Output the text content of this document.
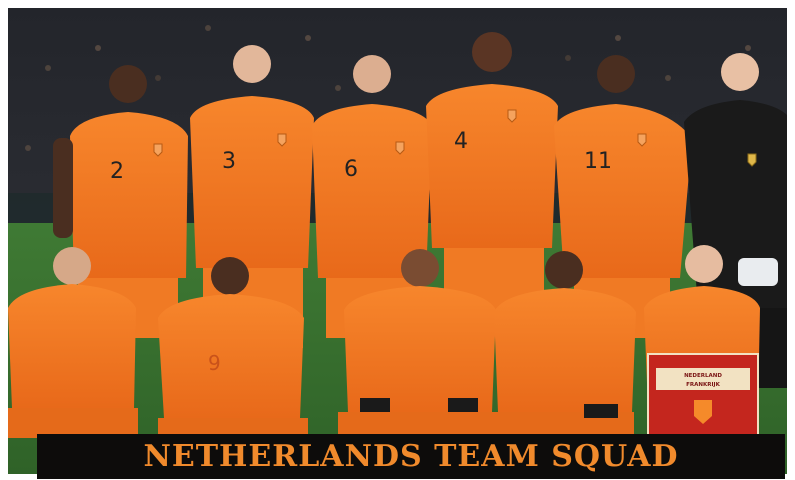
2	3	6
4
11
9
NEDERLAND
FRANKRIJK
NETHERLANDS TEAM SQUAD
